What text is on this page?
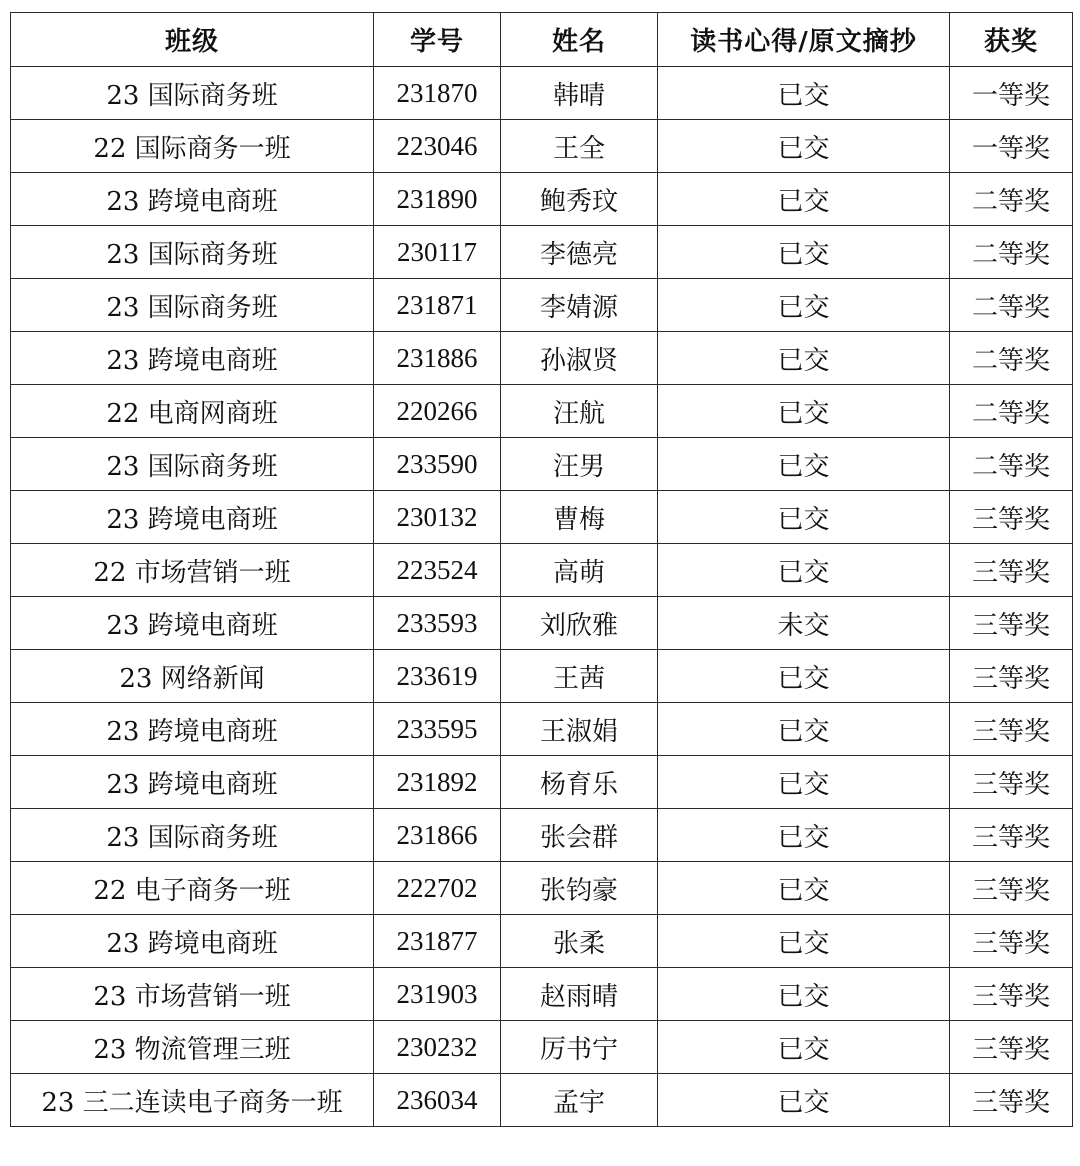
班级	学号	姓名	读书心得/原文摘抄	获奖
23 国际商务班	231870	韩晴	已交	一等奖
22 国际商务一班	223046	王全	已交	一等奖
23 跨境电商班	231890	鲍秀玟	已交	二等奖
23 国际商务班	230117	李德亮	已交	二等奖
23 国际商务班	231871	李婧源	已交	二等奖
23 跨境电商班	231886	孙淑贤	已交	二等奖
22 电商网商班	220266	汪航	已交	二等奖
23 国际商务班	233590	汪男	已交	二等奖
23 跨境电商班	230132	曹梅	已交	三等奖
22 市场营销一班	223524	高萌	已交	三等奖
23 跨境电商班	233593	刘欣雅	未交	三等奖
23 网络新闻	233619	王茜	已交	三等奖
23 跨境电商班	233595	王淑娟	已交	三等奖
23 跨境电商班	231892	杨育乐	已交	三等奖
23 国际商务班	231866	张会群	已交	三等奖
22 电子商务一班	222702	张钧豪	已交	三等奖
23 跨境电商班	231877	张柔	已交	三等奖
23 市场营销一班	231903	赵雨晴	已交	三等奖
23 物流管理三班	230232	厉书宁	已交	三等奖
23 三二连读电子商务一班	236034	孟宇	已交	三等奖
